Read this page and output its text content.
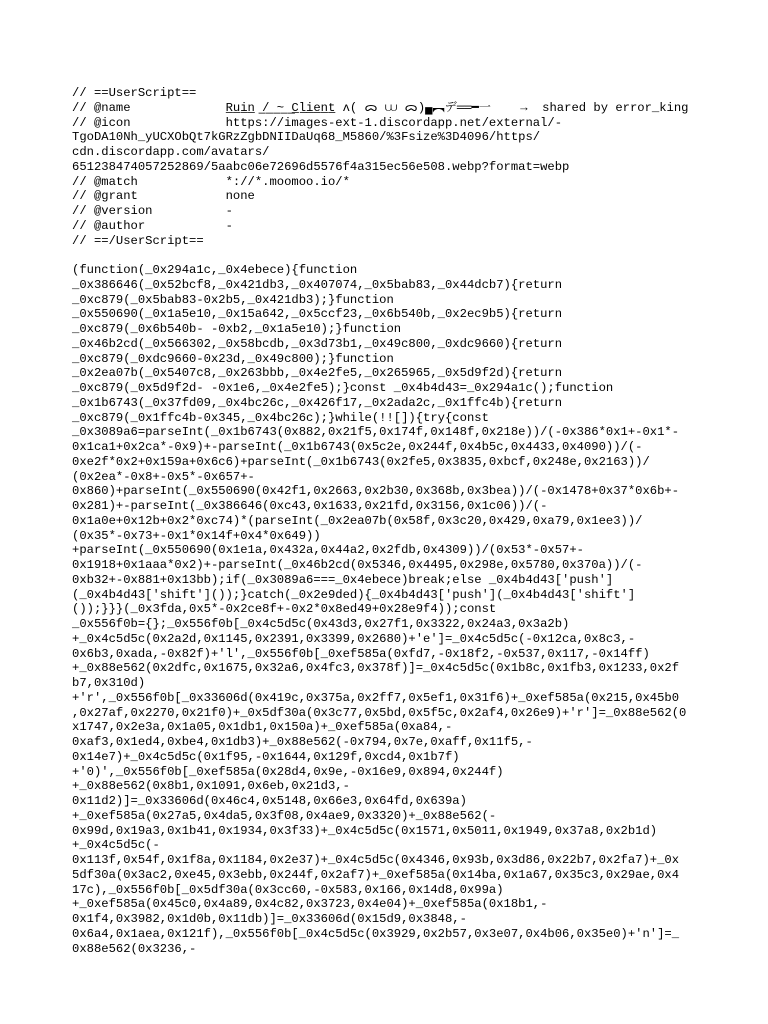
// ==UserScript==
// @name             R̲u̲i̲n̲ ̲/̲ ̲~̲ ̲C̲l̲i̲e̲n̲t̲ ʌ( ᯅ ⩊ ᯅ)▄︻デ══━一    →  shared by error_king
// @icon             https://images-ext-1.discordapp.net/external/-
TgoDA10Nh_yUCXObQt7kGRzZgbDNIIDaUq68_M5860/%3Fsize%3D4096/https/
cdn.discordapp.com/avatars/
651238474057252869/5aabc06e72696d5576f4a315ec56e508.webp?format=webp
// @match            *://*.moomoo.io/*
// @grant            none
// @version          -
// @author           -
// ==/UserScript==
(function(_0x294a1c,_0x4ebece){function
_0x386646(_0x52bcf8,_0x421db3,_0x407074,_0x5bab83,_0x44dcb7){return
_0xc879(_0x5bab83-0x2b5,_0x421db3);}function
_0x550690(_0x1a5e10,_0x15a642,_0x5ccf23,_0x6b540b,_0x2ec9b5){return
_0xc879(_0x6b540b- -0xb2,_0x1a5e10);}function
_0x46b2cd(_0x566302,_0x58bcdb,_0x3d73b1,_0x49c800,_0xdc9660){return
_0xc879(_0xdc9660-0x23d,_0x49c800);}function
_0x2ea07b(_0x5407c8,_0x263bbb,_0x4e2fe5,_0x265965,_0x5d9f2d){return
_0xc879(_0x5d9f2d- -0x1e6,_0x4e2fe5);}const _0x4b4d43=_0x294a1c();function
_0x1b6743(_0x37fd09,_0x4bc26c,_0x426f17,_0x2ada2c,_0x1ffc4b){return
_0xc879(_0x1ffc4b-0x345,_0x4bc26c);}while(!![]){try{const
_0x3089a6=parseInt(_0x1b6743(0x882,0x21f5,0x174f,0x148f,0x218e))/(-0x386*0x1+-0x1*-
0x1ca1+0x2ca*-0x9)+-parseInt(_0x1b6743(0x5c2e,0x244f,0x4b5c,0x4433,0x4090))/(-
0xe2f*0x2+0x159a+0x6c6)+parseInt(_0x1b6743(0x2fe5,0x3835,0xbcf,0x248e,0x2163))/
(0x2ea*-0x8+-0x5*-0x657+-
0x860)+parseInt(_0x550690(0x42f1,0x2663,0x2b30,0x368b,0x3bea))/(-0x1478+0x37*0x6b+-
0x281)+-parseInt(_0x386646(0xc43,0x1633,0x21fd,0x3156,0x1c06))/(-
0x1a0e+0x12b+0x2*0xc74)*(parseInt(_0x2ea07b(0x58f,0x3c20,0x429,0xa79,0x1ee3))/
(0x35*-0x73+-0x1*0x14f+0x4*0x649))
+parseInt(_0x550690(0x1e1a,0x432a,0x44a2,0x2fdb,0x4309))/(0x53*-0x57+-
0x1918+0x1aaa*0x2)+-parseInt(_0x46b2cd(0x5346,0x4495,0x298e,0x5780,0x370a))/(-
0xb32+-0x881+0x13bb);if(_0x3089a6===_0x4ebece)break;else _0x4b4d43['push']
(_0x4b4d43['shift']());}catch(_0x2e9ded){_0x4b4d43['push'](_0x4b4d43['shift']
());}}}(_0x3fda,0x5*-0x2ce8f+-0x2*0x8ed49+0x28e9f4));const
_0x556f0b={};_0x556f0b[_0x4c5d5c(0x43d3,0x27f1,0x3322,0x24a3,0x3a2b)
+_0x4c5d5c(0x2a2d,0x1145,0x2391,0x3399,0x2680)+'e']=_0x4c5d5c(-0x12ca,0x8c3,-
0x6b3,0xada,-0x82f)+'l',_0x556f0b[_0xef585a(0xfd7,-0x18f2,-0x537,0x117,-0x14ff)
+_0x88e562(0x2dfc,0x1675,0x32a6,0x4fc3,0x378f)]=_0x4c5d5c(0x1b8c,0x1fb3,0x1233,0x2f
b7,0x310d)
+'r',_0x556f0b[_0x33606d(0x419c,0x375a,0x2ff7,0x5ef1,0x31f6)+_0xef585a(0x215,0x45b0
,0x27af,0x2270,0x21f0)+_0x5df30a(0x3c77,0x5bd,0x5f5c,0x2af4,0x26e9)+'r']=_0x88e562(0
x1747,0x2e3a,0x1a05,0x1db1,0x150a)+_0xef585a(0xa84,-
0xaf3,0x1ed4,0xbe4,0x1db3)+_0x88e562(-0x794,0x7e,0xaff,0x11f5,-
0x14e7)+_0x4c5d5c(0x1f95,-0x1644,0x129f,0xcd4,0x1b7f)
+'0)',_0x556f0b[_0xef585a(0x28d4,0x9e,-0x16e9,0x894,0x244f)
+_0x88e562(0x8b1,0x1091,0x6eb,0x21d3,-
0x11d2)]=_0x33606d(0x46c4,0x5148,0x66e3,0x64fd,0x639a)
+_0xef585a(0x27a5,0x4da5,0x3f08,0x4ae9,0x3320)+_0x88e562(-
0x99d,0x19a3,0x1b41,0x1934,0x3f33)+_0x4c5d5c(0x1571,0x5011,0x1949,0x37a8,0x2b1d)
+_0x4c5d5c(-
0x113f,0x54f,0x1f8a,0x1184,0x2e37)+_0x4c5d5c(0x4346,0x93b,0x3d86,0x22b7,0x2fa7)+_0x
5df30a(0x3ac2,0xe45,0x3ebb,0x244f,0x2af7)+_0xef585a(0x14ba,0x1a67,0x35c3,0x29ae,0x4
17c),_0x556f0b[_0x5df30a(0x3cc60,-0x583,0x166,0x14d8,0x99a)
+_0xef585a(0x45c0,0x4a89,0x4c82,0x3723,0x4e04)+_0xef585a(0x18b1,-
0x1f4,0x3982,0x1d0b,0x11db)]=_0x33606d(0x15d9,0x3848,-
0x6a4,0x1aea,0x121f),_0x556f0b[_0x4c5d5c(0x3929,0x2b57,0x3e07,0x4b06,0x35e0)+'n']=_
0x88e562(0x3236,-
